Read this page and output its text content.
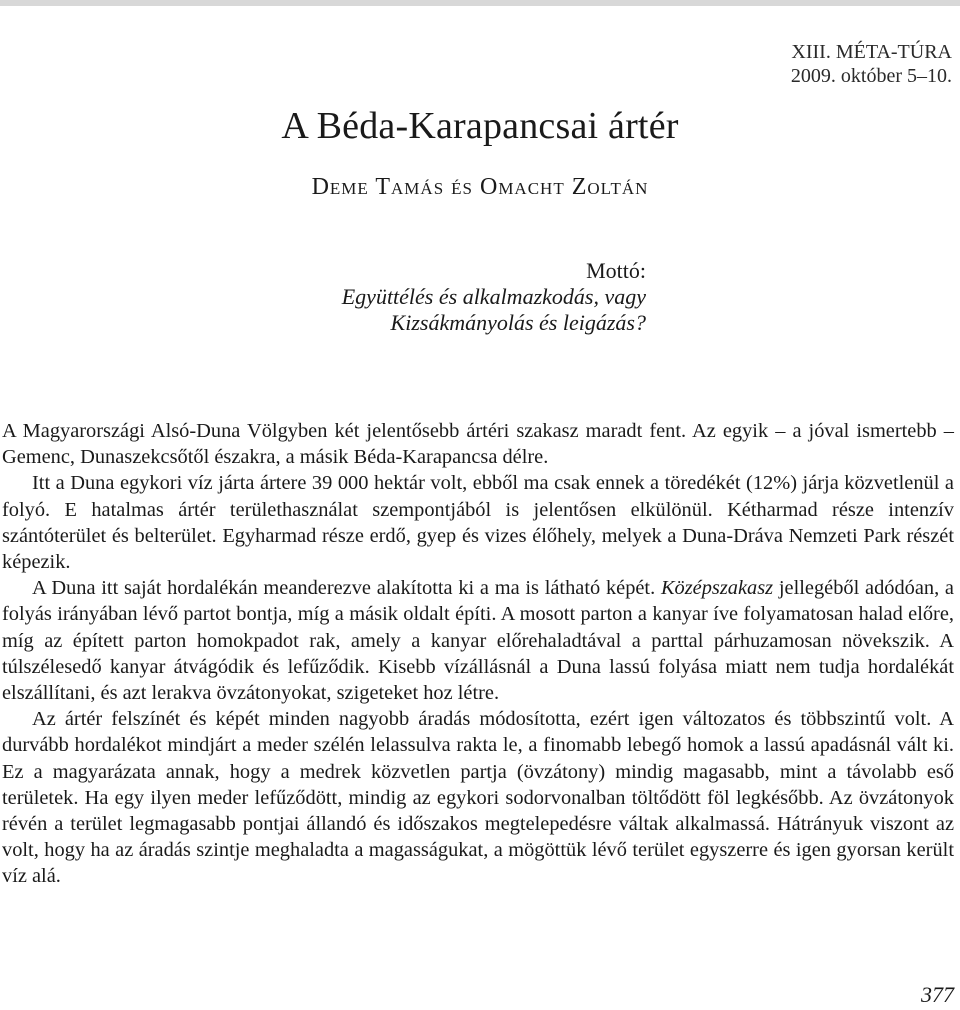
XIII. MÉTA-TÚRA
2009. október 5–10.
A Béda-Karapancsai ártér
Deme Tamás és Omacht Zoltán
Mottó:
Együttélés és alkalmazkodás, vagy
Kizsákmányolás és leigázás?

A Magyarországi Alsó-Duna Völgyben két jelentősebb ártéri szakasz maradt fent. Az egyik – a jóval ismertebb – Gemenc, Dunaszekcsőtől északra, a másik Béda-Karapancsa délre.

Itt a Duna egykori víz járta ártere 39 000 hektár volt, ebből ma csak ennek a töredékét (12%) járja közvetlenül a folyó. E hatalmas ártér területhasználat szempontjából is jelentősen elkülönül. Kétharmad része intenzív szántóterület és belterület. Egyharmad része erdő, gyep és vizes élőhely, melyek a Duna-Dráva Nemzeti Park részét képezik.

A Duna itt saját hordalékán meanderezve alakította ki a ma is látható képét. Középszakasz jellegéből adódóan, a folyás irányában lévő partot bontja, míg a másik oldalt építi. A mosott parton a kanyar íve folyamatosan halad előre, míg az épített parton homokpadot rak, amely a kanyar előrehaladtával a parttal párhuzamosan növekszik. A túlszélesedő kanyar átvágódik és lefűződik. Kisebb vízállásnál a Duna lassú folyása miatt nem tudja hordalékát elszállítani, és azt lerakva övzátonyokat, szigeteket hoz létre.

Az ártér felszínét és képét minden nagyobb áradás módosította, ezért igen változatos és többszintű volt. A durvább hordalékot mindjárt a meder szélén lelassulva rakta le, a finomabb lebegő homok a lassú apadásnál vált ki. Ez a magyarázata annak, hogy a medrek közvetlen partja (övzátony) mindig magasabb, mint a távolabb eső területek. Ha egy ilyen meder lefűződött, mindig az egykori sodorvonalban töltődött föl legkésőbb. Az övzátonyok révén a terület legmagasabb pontjai állandó és időszakos megtelepedésre váltak alkalmassá. Hátrányuk viszont az volt, hogy ha az áradás szintje meghaladta a magasságukat, a mögöttük lévő terület egyszerre és igen gyorsan került víz alá.

377
